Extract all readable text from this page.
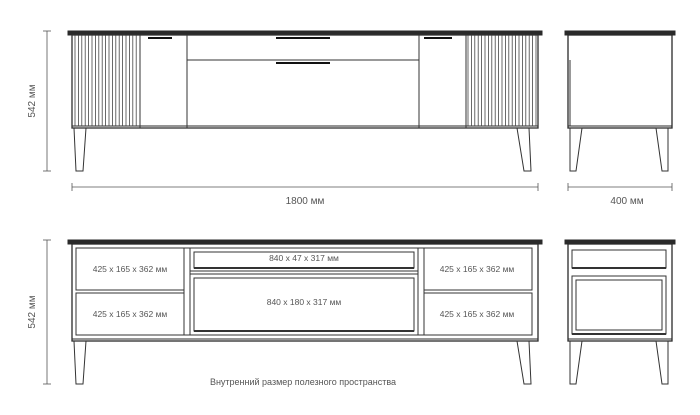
542 мм
1800 мм	400 мм
542 мм
425 x 165 x 362 мм
425 x 165 x 362 мм
840 x 47 x 317 мм
840 x 180 x 317 мм
425 x 165 x 362 мм
425 x 165 x 362 мм
Внутренний размер полезного пространства
